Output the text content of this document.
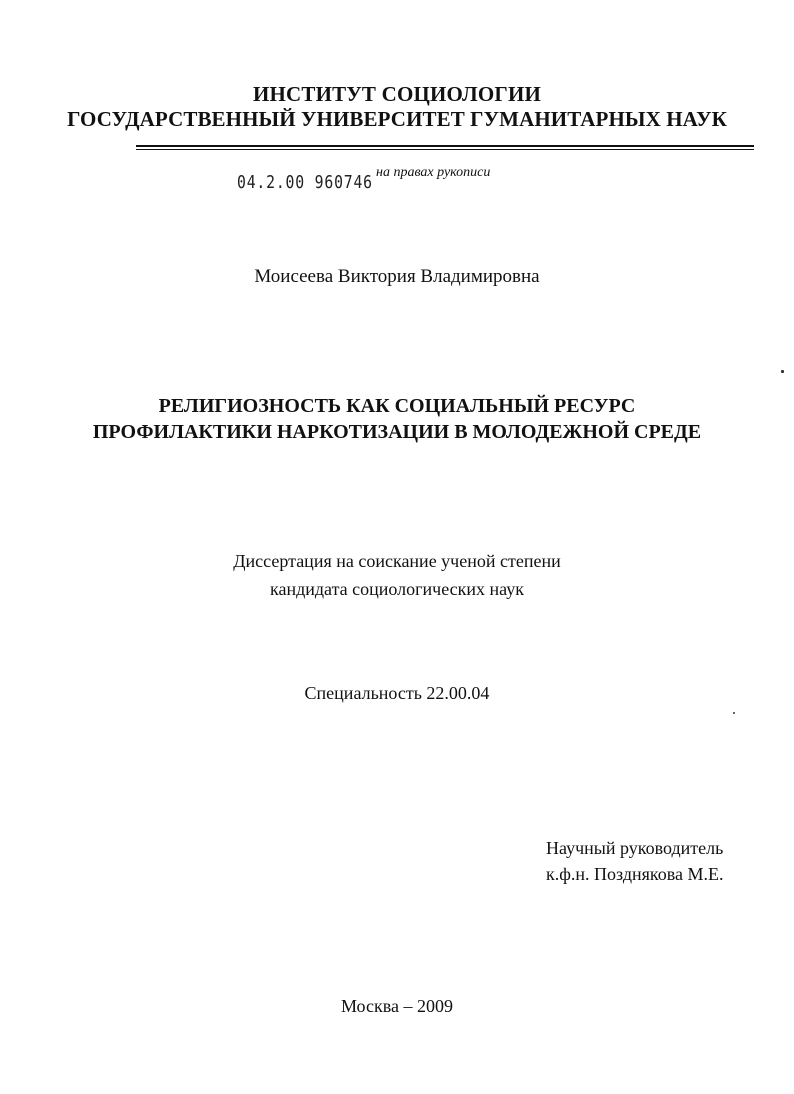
ИНСТИТУТ СОЦИОЛОГИИ
ГОСУДАРСТВЕННЫЙ УНИВЕРСИТЕТ ГУМАНИТАРНЫХ НАУК
04.2.00 960746 на правах рукописи
Моисеева Виктория Владимировна
РЕЛИГИОЗНОСТЬ КАК СОЦИАЛЬНЫЙ РЕСУРС
ПРОФИЛАКТИКИ НАРКОТИЗАЦИИ В МОЛОДЕЖНОЙ СРЕДЕ
Диссертация на соискание ученой степени
кандидата социологических наук
Специальность 22.00.04
Научный руководитель
к.ф.н. Позднякова М.Е.
Москва – 2009
